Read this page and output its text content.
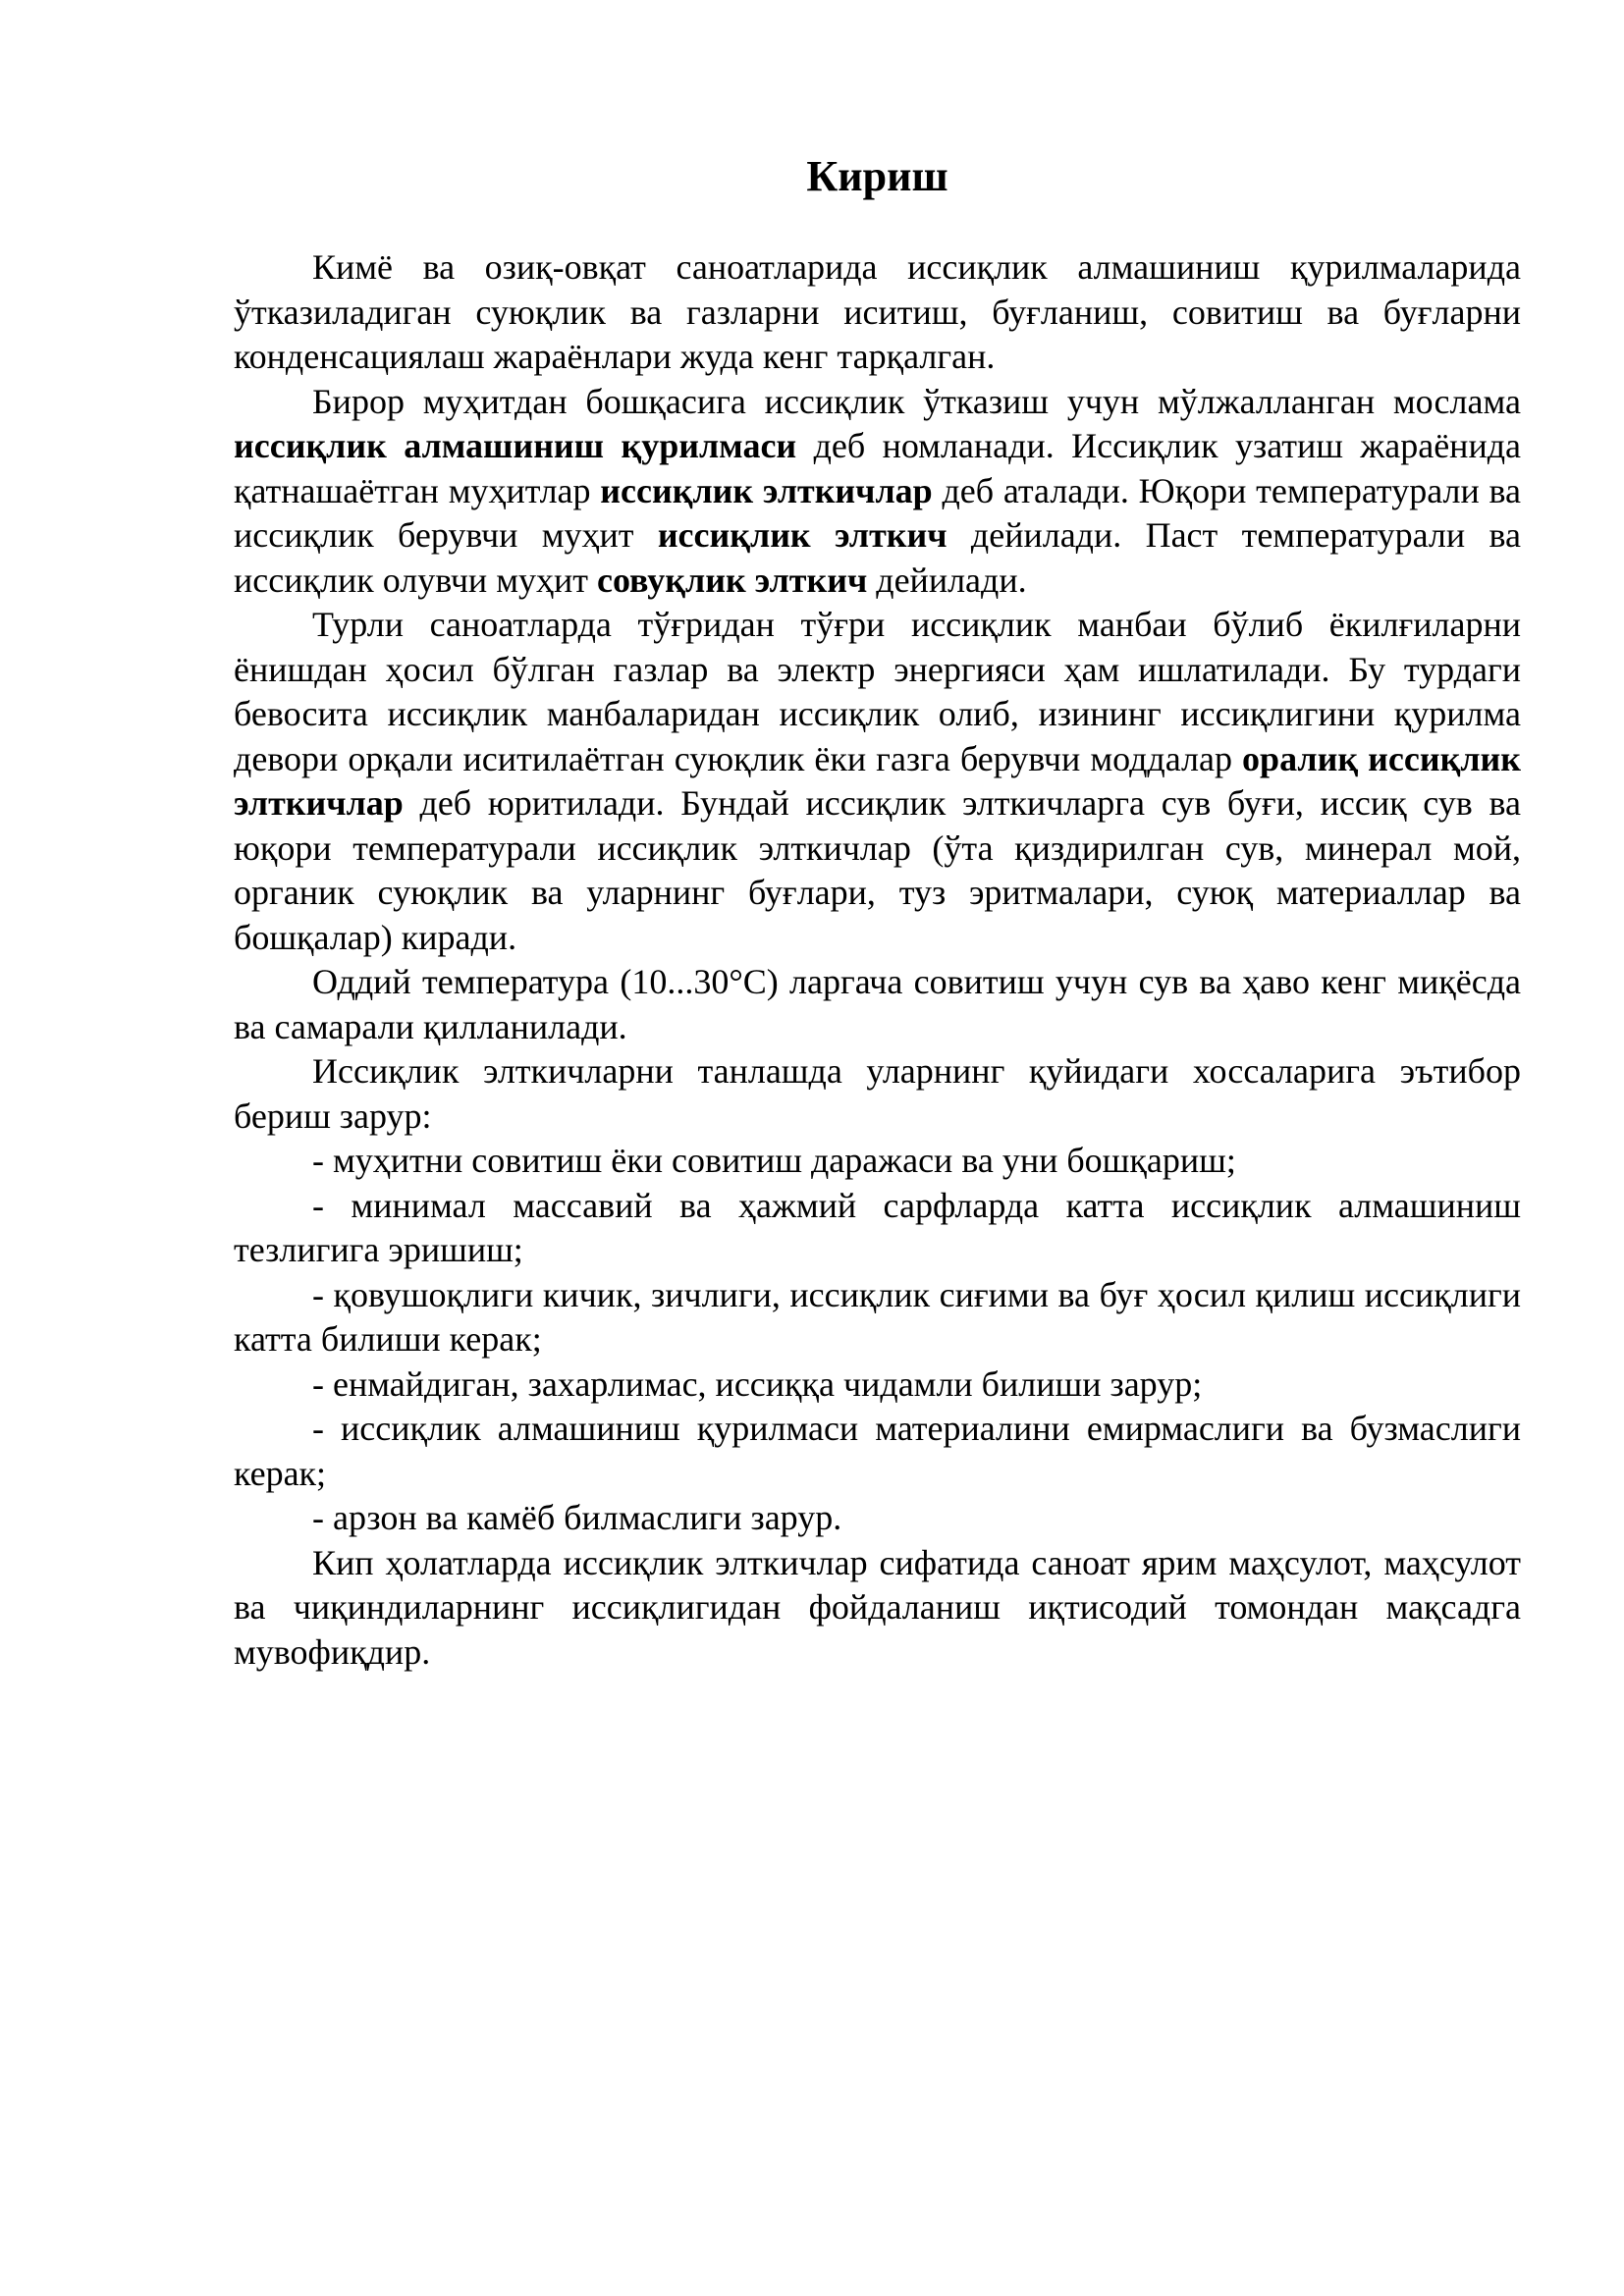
Кириш

Кимё ва озиқ-овқат саноатларида иссиқлик алмашиниш қурилмаларида ўтказиладиган суюқлик ва газларни иситиш, буғланиш, совитиш ва буғларни конденсациялаш жараёнлари жуда кенг тарқалган.

Бирор муҳитдан бошқасига иссиқлик ўтказиш учун мўлжалланган мослама иссиқлик алмашиниш қурилмаси деб номланади. Иссиқлик узатиш жараёнида қатнашаётган муҳитлар иссиқлик элткичлар деб аталади. Юқори температурали ва иссиқлик берувчи муҳит иссиқлик элткич дейилади. Паст температурали ва иссиқлик олувчи муҳит совуқлик элткич дейилади.

Турли саноатларда тўғридан тўғри иссиқлик манбаи бўлиб ёкилғиларни ёнишдан ҳосил бўлган газлар ва электр энергияси ҳам ишлатилади. Бу турдаги бевосита иссиқлик манбаларидан иссиқлик олиб, изининг иссиқлигини қурилма девори орқали иситилаётган суюқлик ёки газга берувчи моддалар оралиқ иссиқлик элткичлар деб юритилади. Бундай иссиқлик элткичларга сув буғи, иссиқ сув ва юқори температурали иссиқлик элткичлар (ўта қиздирилган сув, минерал мой, органик суюқлик ва уларнинг буғлари, туз эритмалари, суюқ материаллар ва бошқалар) киради.

Оддий температура (10...30°С) ларгача совитиш учун сув ва ҳаво кенг миқёсда ва самарали қилланилади.

Иссиқлик элткичларни танлашда уларнинг қуйидаги хоссаларига эътибор бериш зарур:

- муҳитни совитиш ёки совитиш даражаси ва уни бошқариш;

- минимал массавий ва ҳажмий сарфларда катта иссиқлик алмашиниш тезлигига эришиш;

- қовушоқлиги кичик, зичлиги, иссиқлик сиғими ва буғ ҳосил қилиш иссиқлиги катта билиши керак;

- енмайдиган, захарлимас, иссиққа чидамли билиши зарур;

- иссиқлик алмашиниш қурилмаси материалини емирмаслиги ва бузмаслиги керак;

- арзон ва камёб билмаслиги зарур.

Кип ҳолатларда иссиқлик элткичлар сифатида саноат ярим маҳсулот, маҳсулот ва чиқиндиларнинг иссиқлигидан фойдаланиш иқтисодий томондан мақсадга мувофиқдир.
